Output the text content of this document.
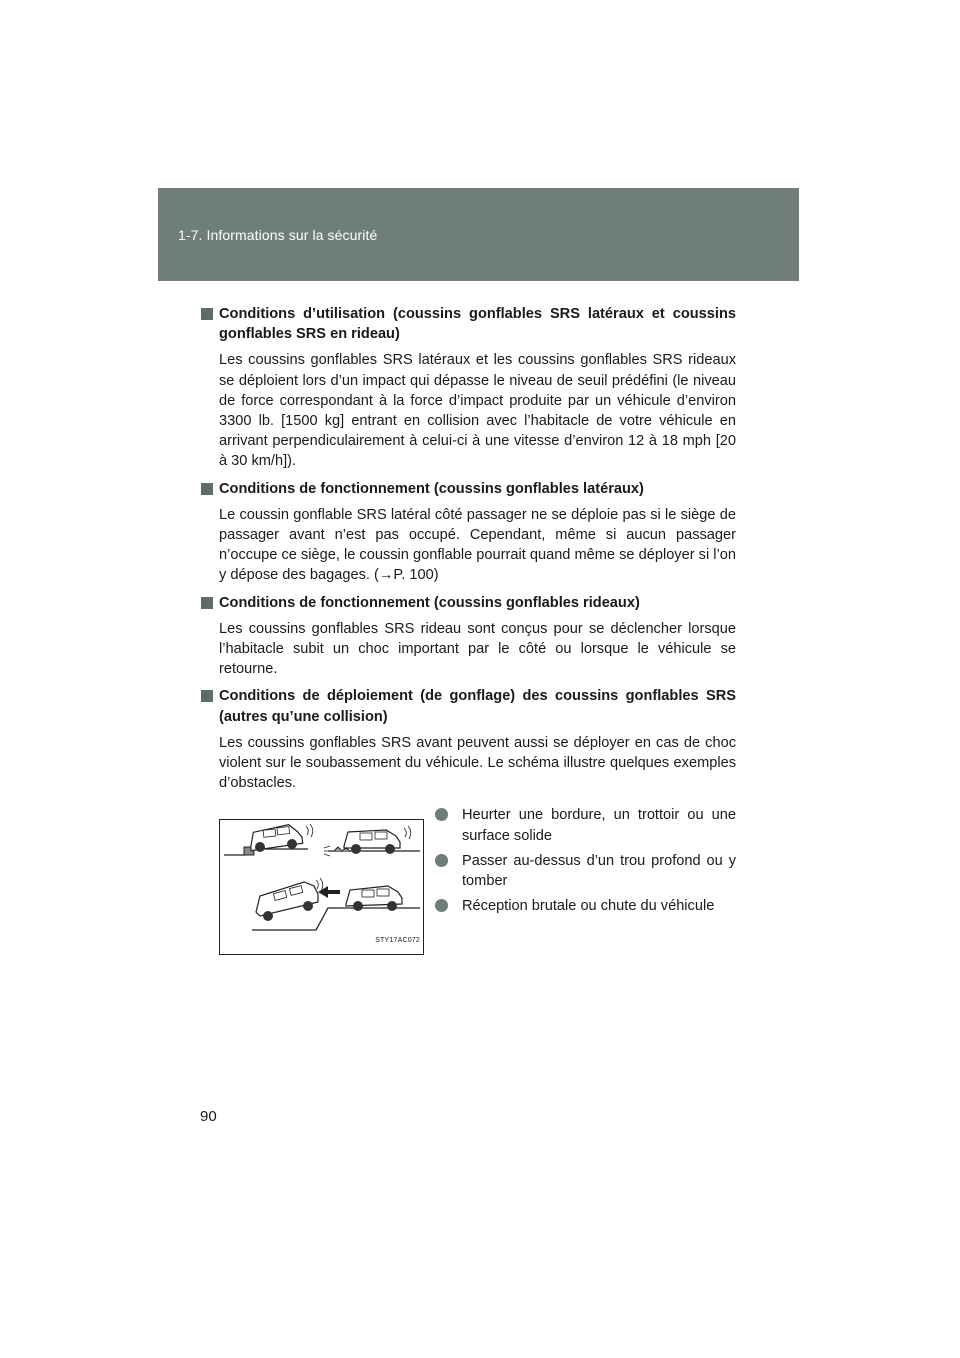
1-7. Informations sur la sécurité
Conditions d’utilisation (coussins gonflables SRS latéraux et coussins gonflables SRS en rideau)
Les coussins gonflables SRS latéraux et les coussins gonflables SRS rideaux se déploient lors d’un impact qui dépasse le niveau de seuil prédéfini (le niveau de force correspondant à la force d’impact produite par un véhicule d’environ 3300 lb. [1500 kg] entrant en collision avec l’habitacle de votre véhicule en arrivant perpendiculairement à celui-ci à une vitesse d’environ 12 à 18 mph [20 à 30 km/h]).
Conditions de fonctionnement (coussins gonflables latéraux)
Le coussin gonflable SRS latéral côté passager ne se déploie pas si le siège de passager avant n’est pas occupé. Cependant, même si aucun passager n’occupe ce siège, le coussin gonflable pourrait quand même se déployer si l’on y dépose des bagages. (→P. 100)
Conditions de fonctionnement (coussins gonflables rideaux)
Les coussins gonflables SRS rideau sont conçus pour se déclencher lorsque l’habitacle subit un choc important par le côté ou lorsque le véhicule se retourne.
Conditions de déploiement (de gonflage) des coussins gonflables SRS (autres qu’une collision)
Les coussins gonflables SRS avant peuvent aussi se déployer en cas de choc violent sur le soubassement du véhicule. Le schéma illustre quelques exemples d’obstacles.
STY17AC072
Heurter une bordure, un trottoir ou une surface solide
Passer au-dessus d’un trou profond ou y tomber
Réception brutale ou chute du véhicule
90
